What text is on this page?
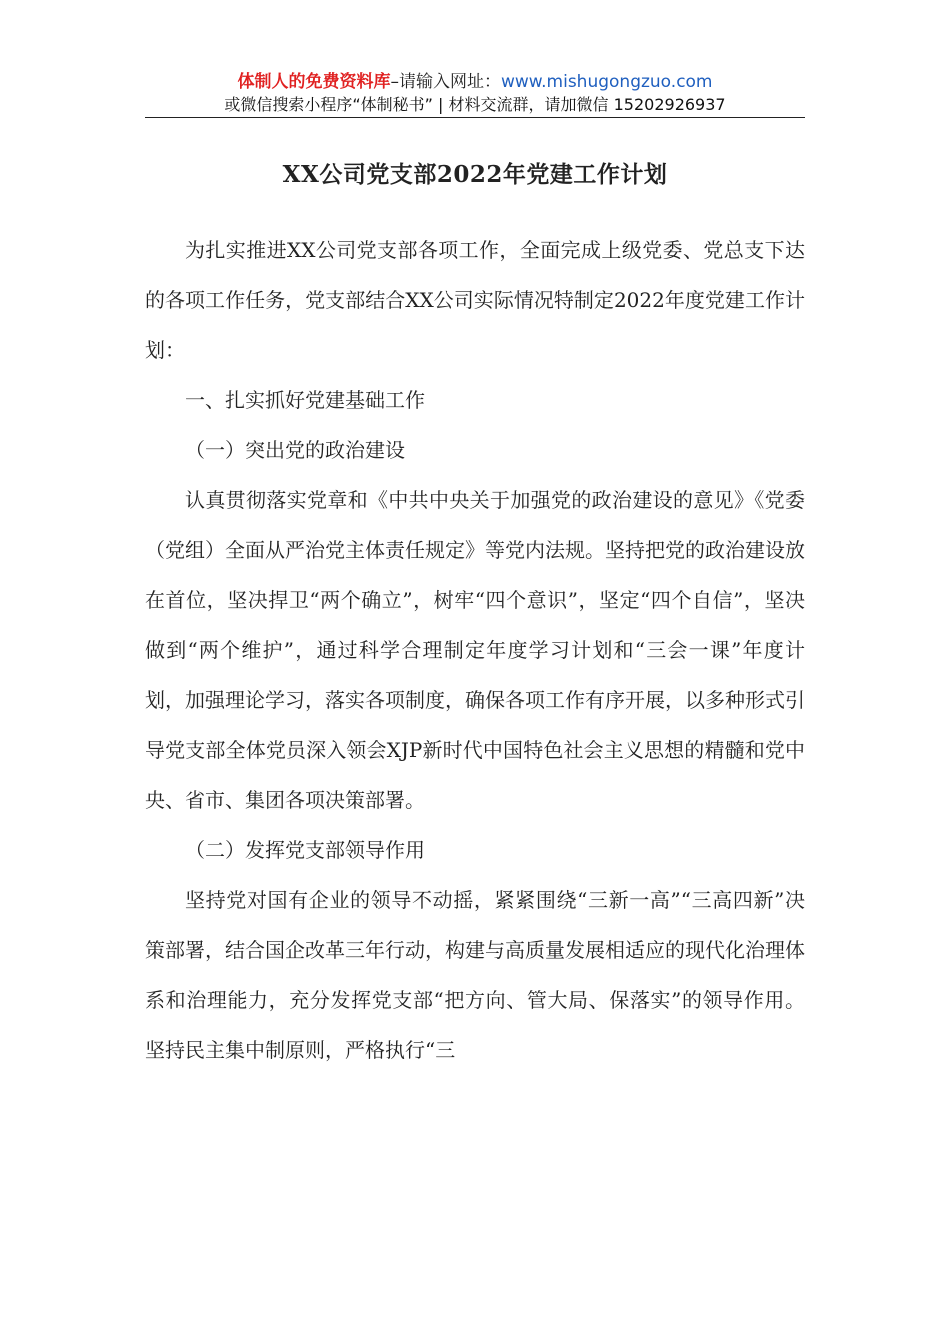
体制人的免费资料库–请输入网址：www.mishugongzuo.com
或微信搜索小程序“体制秘书” | 材料交流群，请加微信 15202926937
XX公司党支部2022年党建工作计划

为扎实推进XX公司党支部各项工作，全面完成上级党委、党总支下达的各项工作任务，党支部结合XX公司实际情况特制定2022年度党建工作计划：

一、扎实抓好党建基础工作

（一）突出党的政治建设

认真贯彻落实党章和《中共中央关于加强党的政治建设的意见》《党委（党组）全面从严治党主体责任规定》等党内法规。坚持把党的政治建设放在首位，坚决捍卫“两个确立”，树牢“四个意识”，坚定“四个自信”，坚决做到“两个维护”，通过科学合理制定年度学习计划和“三会一课”年度计划，加强理论学习，落实各项制度，确保各项工作有序开展，以多种形式引导党支部全体党员深入领会XJP新时代中国特色社会主义思想的精髓和党中央、省市、集团各项决策部署。

（二）发挥党支部领导作用

坚持党对国有企业的领导不动摇，紧紧围绕“三新一高”“三高四新”决策部署，结合国企改革三年行动，构建与高质量发展相适应的现代化治理体系和治理能力，充分发挥党支部“把方向、管大局、保落实”的领导作用。坚持民主集中制原则，严格执行“三
